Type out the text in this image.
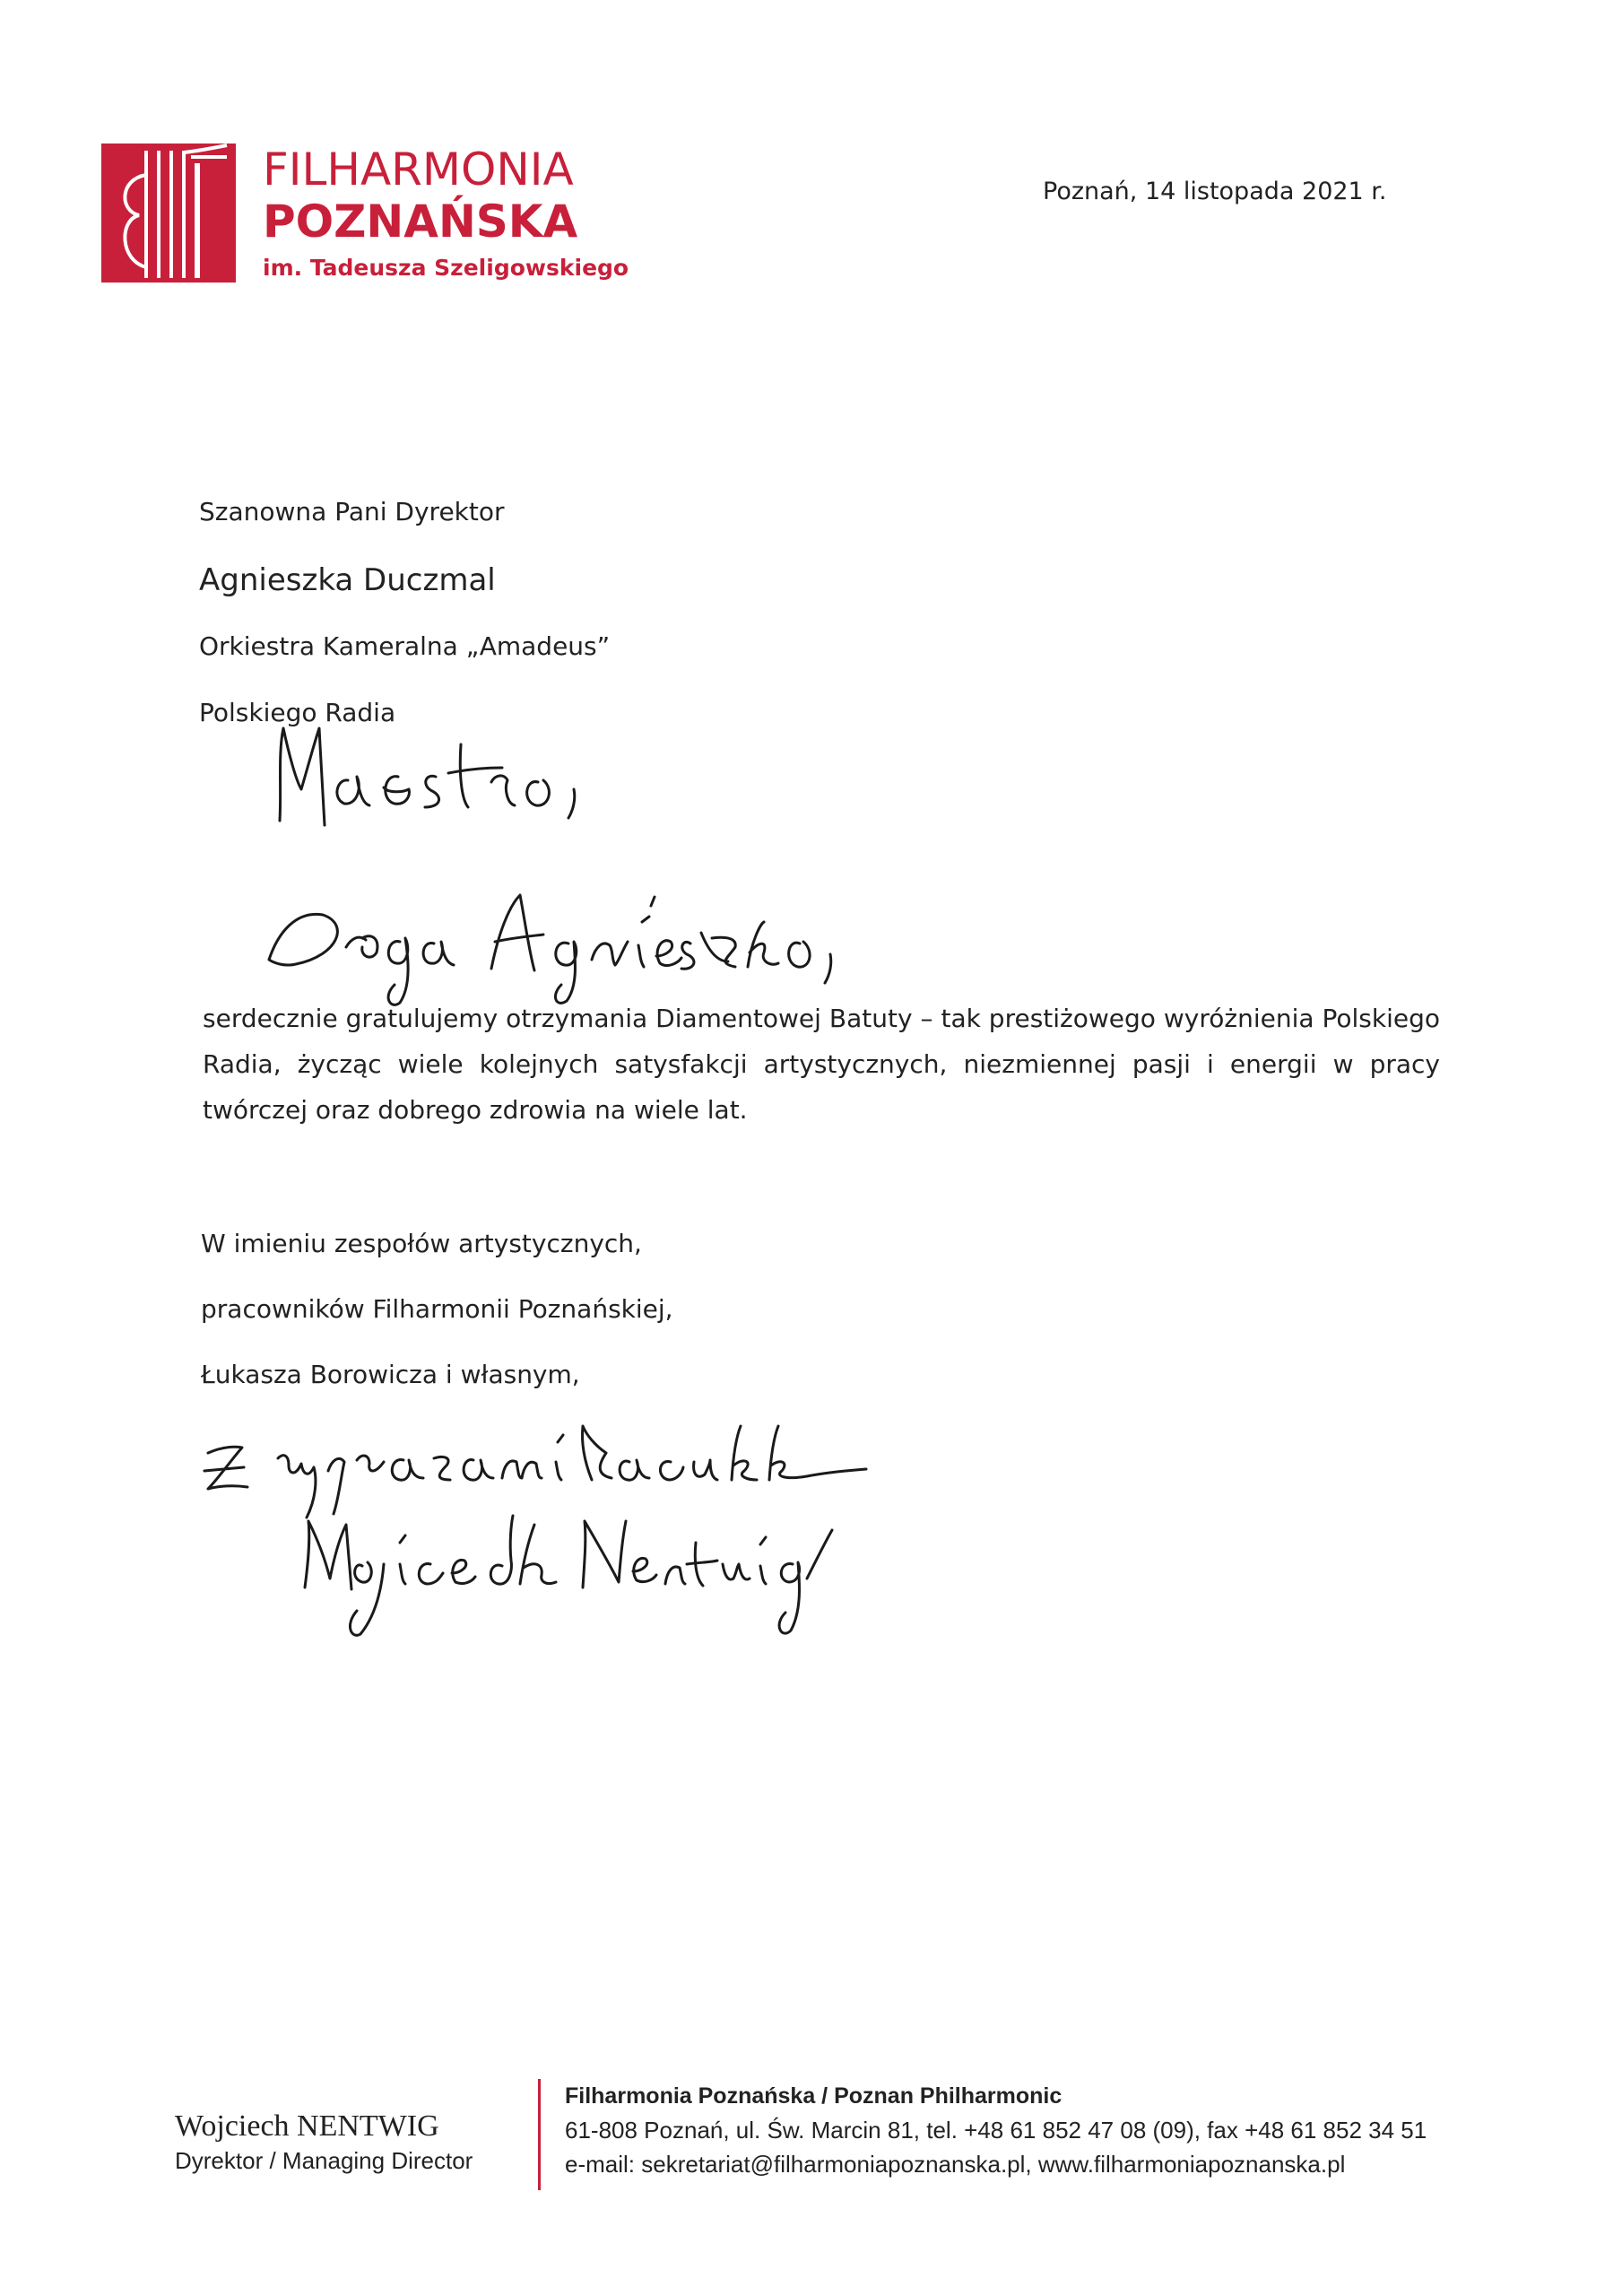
FILHARMONIA
POZNAŃSKA
im. Tadeusza Szeligowskiego
Poznań, 14 listopada 2021 r.
Szanowna Pani Dyrektor
Agnieszka Duczmal
Orkiestra Kameralna „Amadeus”
Polskiego Radia
serdecznie gratulujemy otrzymania Diamentowej Batuty – tak prestiżowego wyróżnienia Polskiego Radia, życząc wiele kolejnych satysfakcji artystycznych, niezmiennej pasji i energii w pracy twórczej oraz dobrego zdrowia na wiele lat.
W imieniu zespołów artystycznych,
pracowników Filharmonii Poznańskiej,
Łukasza Borowicza i własnym,
Wojciech NENTWIG
Dyrektor / Managing Director
Filharmonia Poznańska / Poznan Philharmonic
61-808 Poznań, ul. Św. Marcin 81, tel. +48 61 852 47 08 (09), fax +48 61 852 34 51
e-mail: sekretariat@filharmoniapoznanska.pl, www.filharmoniapoznanska.pl
